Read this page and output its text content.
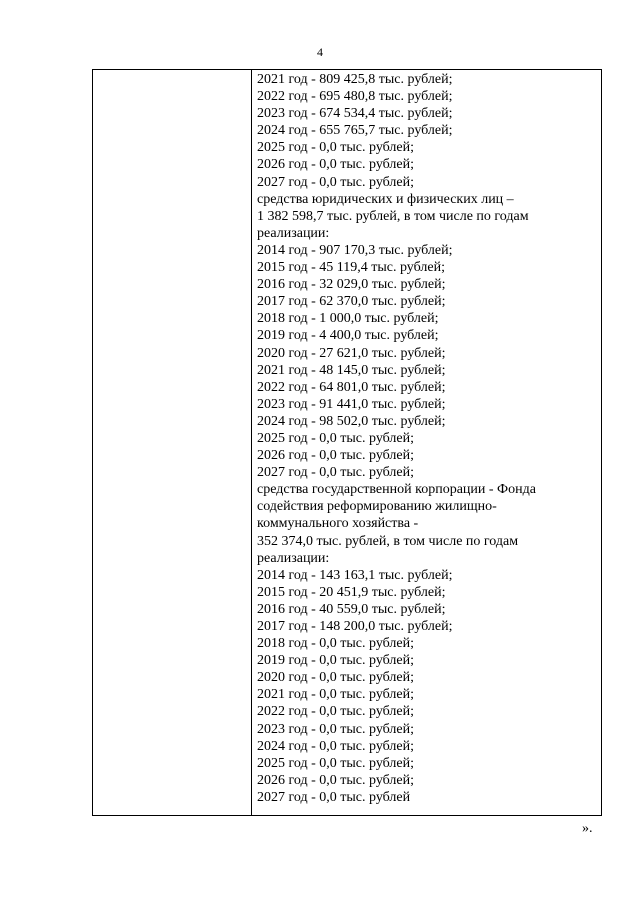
4
2021 год - 809 425,8 тыс. рублей;
2022 год - 695 480,8 тыс. рублей;
2023 год - 674 534,4 тыс. рублей;
2024 год - 655 765,7 тыс. рублей;
2025 год - 0,0 тыс. рублей;
2026 год - 0,0 тыс. рублей;
2027 год - 0,0 тыс. рублей;
средства юридических и физических лиц –
1 382 598,7 тыс. рублей, в том числе по годам
реализации:
2014 год - 907 170,3 тыс. рублей;
2015 год - 45 119,4 тыс. рублей;
2016 год - 32 029,0 тыс. рублей;
2017 год - 62 370,0 тыс. рублей;
2018 год - 1 000,0 тыс. рублей;
2019 год - 4 400,0 тыс. рублей;
2020 год - 27 621,0 тыс. рублей;
2021 год - 48 145,0 тыс. рублей;
2022 год - 64 801,0 тыс. рублей;
2023 год - 91 441,0 тыс. рублей;
2024 год - 98 502,0 тыс. рублей;
2025 год - 0,0 тыс. рублей;
2026 год - 0,0 тыс. рублей;
2027 год - 0,0 тыс. рублей;
средства государственной корпорации - Фонда
содействия реформированию жилищно-
коммунального хозяйства -
352 374,0 тыс. рублей, в том числе по годам
реализации:
2014 год - 143 163,1 тыс. рублей;
2015 год - 20 451,9 тыс. рублей;
2016 год - 40 559,0 тыс. рублей;
2017 год - 148 200,0 тыс. рублей;
2018 год - 0,0 тыс. рублей;
2019 год - 0,0 тыс. рублей;
2020 год - 0,0 тыс. рублей;
2021 год - 0,0 тыс. рублей;
2022 год - 0,0 тыс. рублей;
2023 год - 0,0 тыс. рублей;
2024 год - 0,0 тыс. рублей;
2025 год - 0,0 тыс. рублей;
2026 год - 0,0 тыс. рублей;
2027 год - 0,0 тыс. рублей
».
